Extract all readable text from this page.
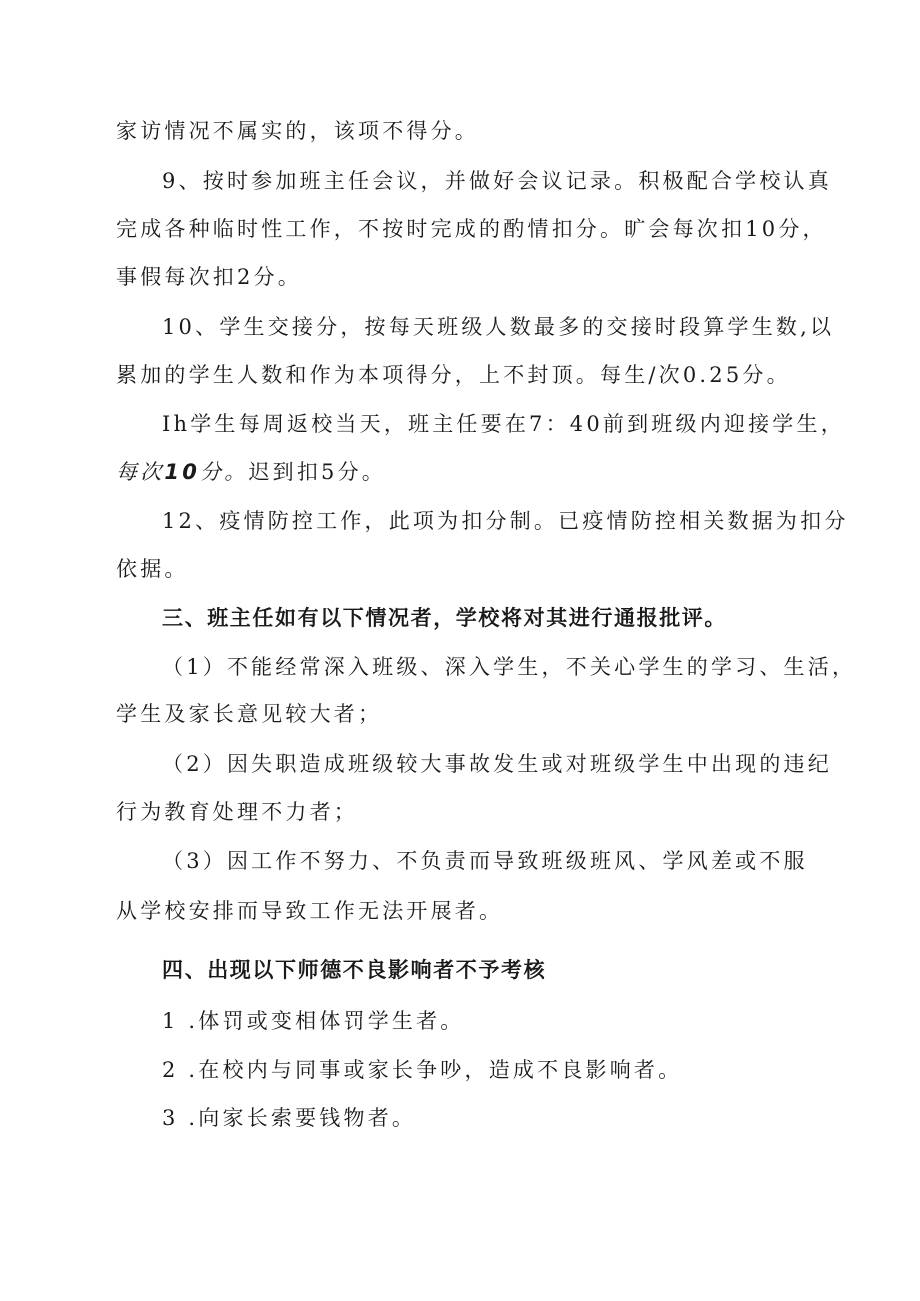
家访情况不属实的，该项不得分。
9、按时参加班主任会议，并做好会议记录。积极配合学校认真
完成各种临时性工作，不按时完成的酌情扣分。旷会每次扣10分，
事假每次扣2分。
10、学生交接分，按每天班级人数最多的交接时段算学生数,以
累加的学生人数和作为本项得分，上不封顶。每生/次0.25分。
Ih学生每周返校当天，班主任要在7：40前到班级内迎接学生，
每次10分。迟到扣5分。
12、疫情防控工作，此项为扣分制。已疫情防控相关数据为扣分
依据。
三、班主任如有以下情况者，学校将对其进行通报批评。
（1）不能经常深入班级、深入学生，不关心学生的学习、生活，
学生及家长意见较大者；
（2）因失职造成班级较大事故发生或对班级学生中出现的违纪
行为教育处理不力者；
（3）因工作不努力、不负责而导致班级班风、学风差或不服
从学校安排而导致工作无法开展者。
四、出现以下师德不良影响者不予考核
1 .体罚或变相体罚学生者。
2 .在校内与同事或家长争吵，造成不良影响者。
3 .向家长索要钱物者。
